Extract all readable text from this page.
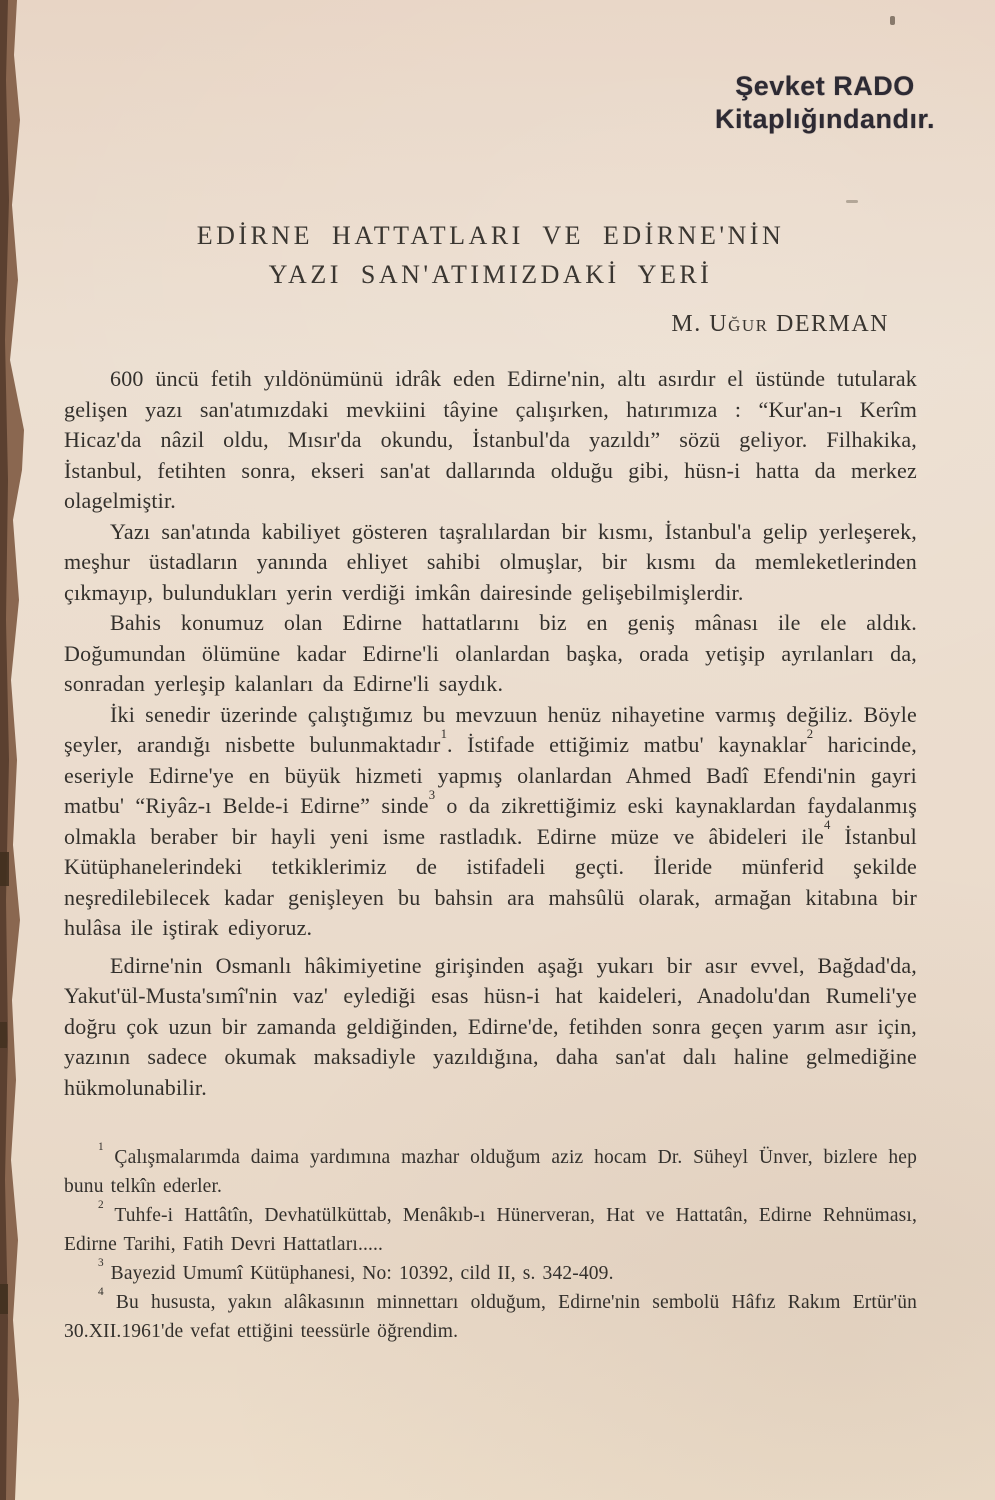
Şevket RADO
Kitaplığındandır.
EDİRNE HATTATLARI VE EDİRNE'NİN
YAZI SAN'ATIMIZDAKİ YERİ
M. Uğur DERMAN

600 üncü fetih yıldönümünü idrâk eden Edirne'nin, altı asırdır el üstünde tutularak gelişen yazı san'atımızdaki mevkiini tâyine çalışırken, hatırımıza : “Kur'an-ı Kerîm Hicaz'da nâzil oldu, Mısır'da okundu, İstanbul'da yazıldı” sözü geliyor. Filhakika, İstanbul, fetihten sonra, ekseri san'at dallarında olduğu gibi, hüsn-i hatta da merkez olagelmiştir.

Yazı san'atında kabiliyet gösteren taşralılardan bir kısmı, İstanbul'a gelip yerleşerek, meşhur üstadların yanında ehliyet sahibi olmuşlar, bir kısmı da memleketlerinden çıkmayıp, bulundukları yerin verdiği imkân dairesinde gelişebilmişlerdir.

Bahis konumuz olan Edirne hattatlarını biz en geniş mânası ile ele aldık. Doğumundan ölümüne kadar Edirne'li olanlardan başka, orada yetişip ayrılanları da, sonradan yerleşip kalanları da Edirne'li saydık.

İki senedir üzerinde çalıştığımız bu mevzuun henüz nihayetine varmış değiliz. Böyle şeyler, arandığı nisbette bulunmaktadır$^1$. İstifade ettiğimiz matbu' kaynaklar$^2$ haricinde, eseriyle Edirne'ye en büyük hizmeti yapmış olanlardan Ahmed Badî Efendi'nin gayri matbu' “Riyâz-ı Belde-i Edirne” sinde$^3$ o da zikrettiğimiz eski kaynaklardan faydalanmış olmakla beraber bir hayli yeni isme rastladık. Edirne müze ve âbideleri ile$^4$ İstanbul Kütüphanelerindeki tetkiklerimiz de istifadeli geçti. İleride münferid şekilde neşredilebilecek kadar genişleyen bu bahsin ara mahsûlü olarak, armağan kitabına bir hulâsa ile iştirak ediyoruz.

Edirne'nin Osmanlı hâkimiyetine girişinden aşağı yukarı bir asır evvel, Bağdad'da, Yakut'ül-Musta'sımî'nin vaz' eylediği esas hüsn-i hat kaideleri, Anadolu'dan Rumeli'ye doğru çok uzun bir zamanda geldiğinden, Edirne'de, fetihden sonra geçen yarım asır için, yazının sadece okumak maksadiyle yazıldığına, daha san'at dalı haline gelmediğine hükmolunabilir.

$^1$ Çalışmalarımda daima yardımına mazhar olduğum aziz hocam Dr. Süheyl Ünver, bizlere hep bunu telkîn ederler.

$^2$ Tuhfe-i Hattâtîn, Devhatülküttab, Menâkıb-ı Hünerveran, Hat ve Hattatân, Edirne Rehnüması, Edirne Tarihi, Fatih Devri Hattatları.....

$^3$ Bayezid Umumî Kütüphanesi, No: 10392, cild II, s. 342-409.

$^4$ Bu hususta, yakın alâkasının minnettarı olduğum, Edirne'nin sembolü Hâfız Rakım Ertür'ün 30.XII.1961'de vefat ettiğini teessürle öğrendim.
